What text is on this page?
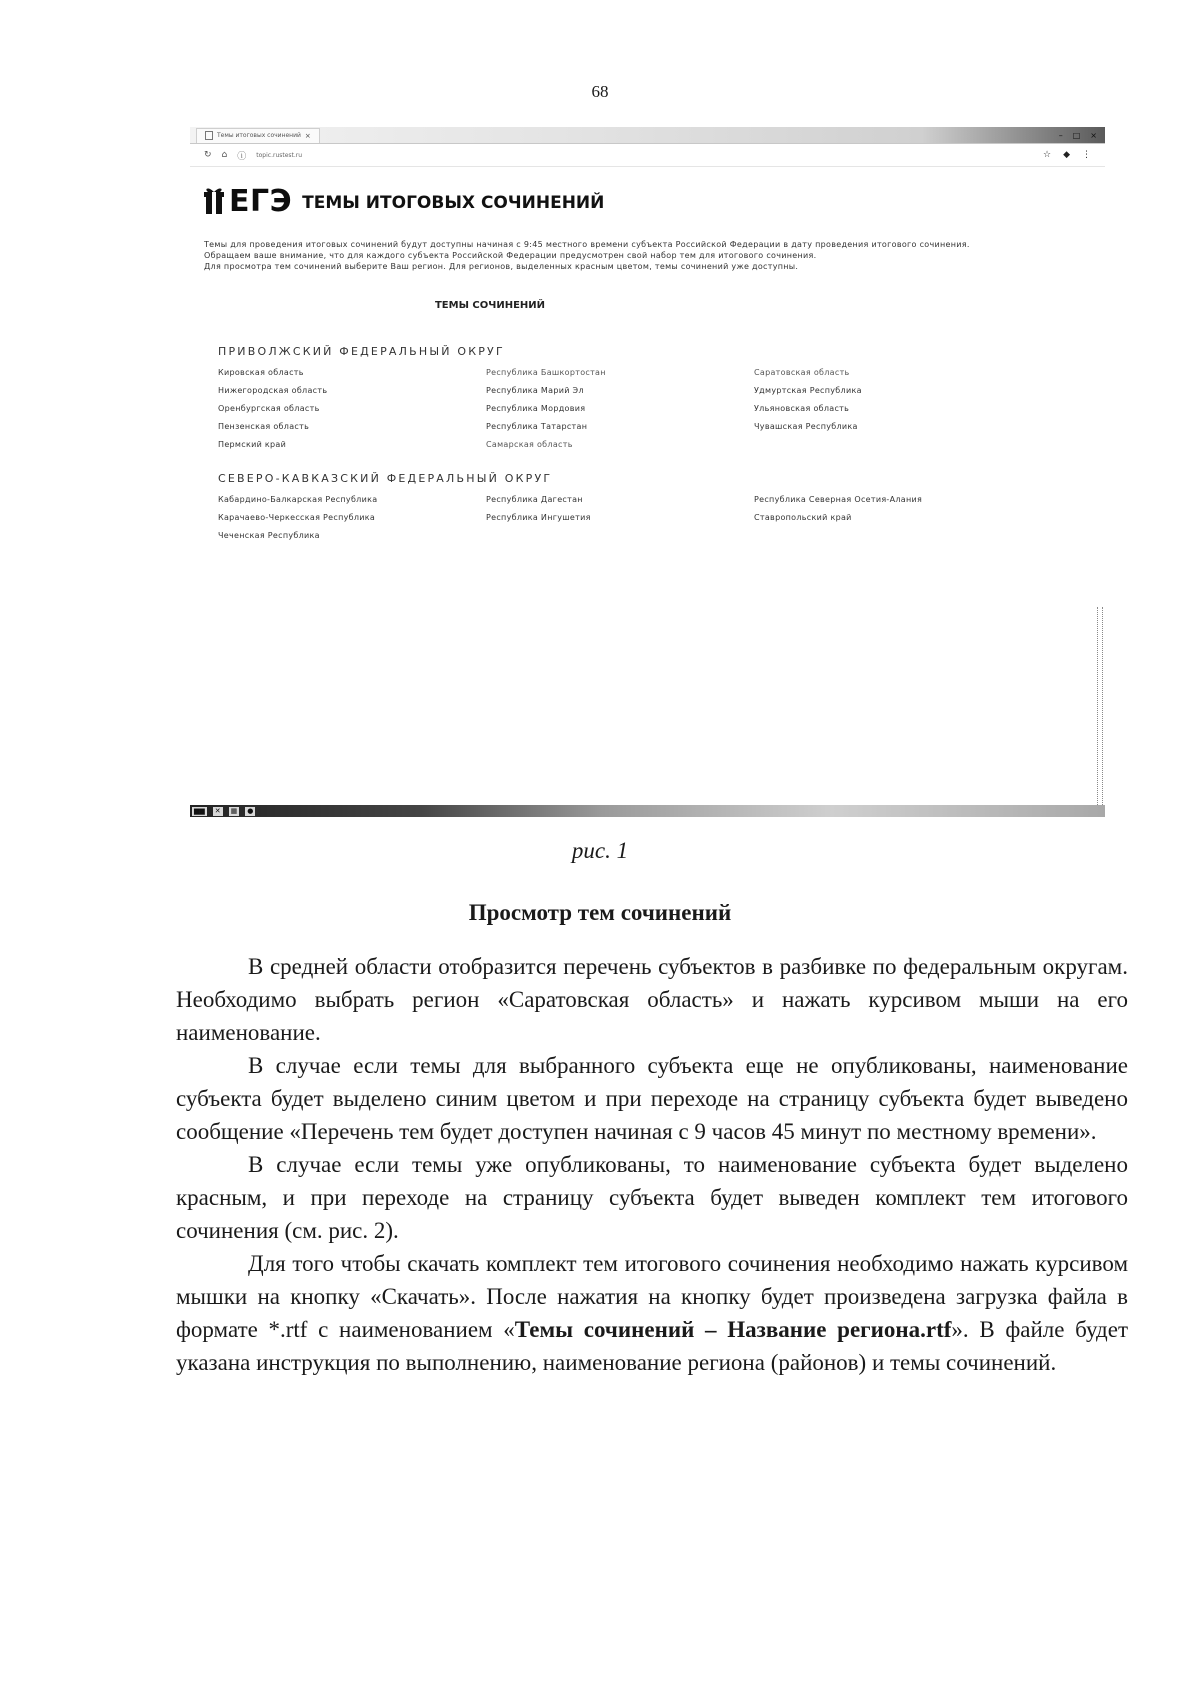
68
Темы итоговых сочинений ×	– □ ×
↻ ⌂ ⓘ topic.rustest.ru	☆ ◆ ⋮
ЕГЭ ТЕМЫ ИТОГОВЫХ СОЧИНЕНИЙ

Темы для проведения итоговых сочинений будут доступны начиная с 9:45 местного времени субъекта Российской Федерации в дату проведения итогового сочинения.

Обращаем ваше внимание, что для каждого субъекта Российской Федерации предусмотрен свой набор тем для итогового сочинения.

Для просмотра тем сочинений выберите Ваш регион. Для регионов, выделенных красным цветом, темы сочинений уже доступны.

ТЕМЫ СОЧИНЕНИЙ
ПРИВОЛЖСКИЙ ФЕДЕРАЛЬНЫЙ ОКРУГ
Кировская область
Нижегородская область
Оренбургская область
Пензенская область
Пермский край
Республика Башкортостан
Республика Марий Эл
Республика Мордовия
Республика Татарстан
Самарская область
Саратовская область
Удмуртская Республика
Ульяновская область
Чувашская Республика
СЕВЕРО-КАВКАЗСКИЙ ФЕДЕРАЛЬНЫЙ ОКРУГ
Кабардино-Балкарская Республика
Карачаево-Черкесская Республика
Чеченская Республика
Республика Дагестан
Республика Ингушетия
Республика Северная Осетия-Алания
Ставропольский край
▆▆ ✕ ▦ ●
рис. 1
Просмотр тем сочинений

В средней области отобразится перечень субъектов в разбивке по федеральным округам. Необходимо выбрать регион «Саратовская область» и нажать курсивом мыши на его наименование.

В случае если темы для выбранного субъекта еще не опубликованы, наименование субъекта будет выделено синим цветом и при переходе на страницу субъекта будет выведено сообщение «Перечень тем будет доступен начиная с 9 часов 45 минут по местному времени».

В случае если темы уже опубликованы, то наименование субъекта будет выделено красным, и при переходе на страницу субъекта будет выведен комплект тем итогового сочинения (см. рис. 2).

Для того чтобы скачать комплект тем итогового сочинения необходимо нажать курсивом мышки на кнопку «Скачать». После нажатия на кнопку будет произведена загрузка файла в формате *.rtf с наименованием «Темы сочинений – Название региона.rtf». В файле будет указана инструкция по выполнению, наименование региона (районов) и темы сочинений.
